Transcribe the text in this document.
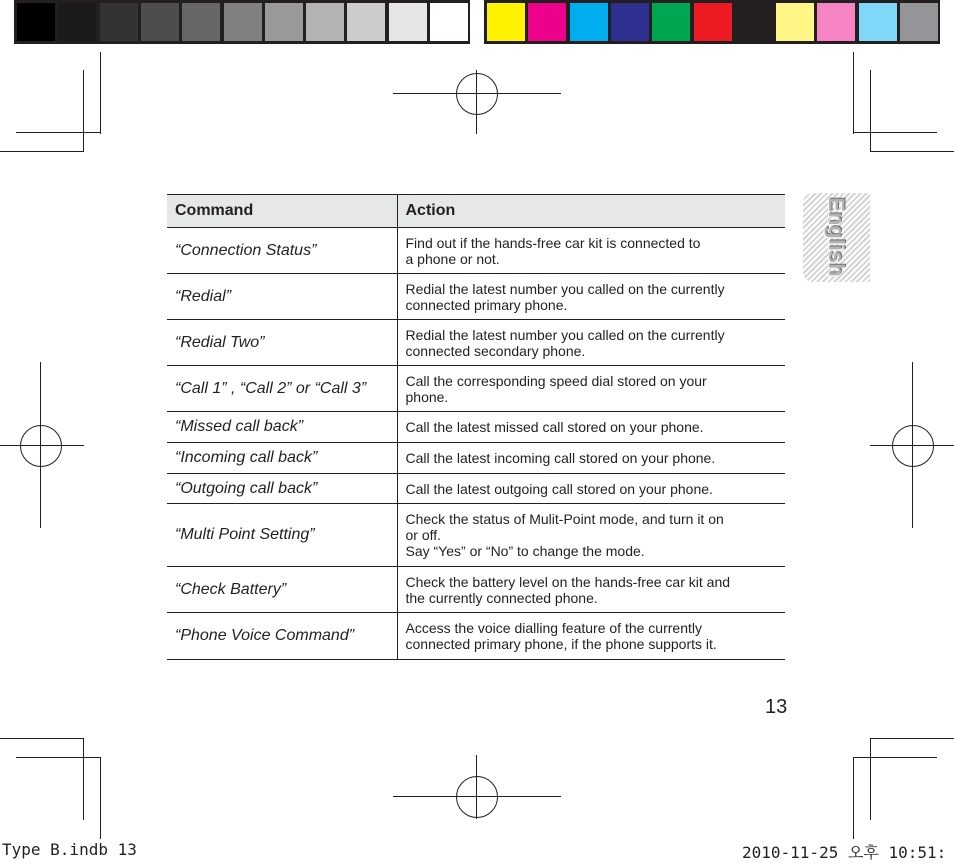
English
Command	Action
“Connection Status”	Find out if the hands-free car kit is connected to
a phone or not.

“Redial”	Redial the latest number you called on the currently
connected primary phone.

“Redial Two”	Redial the latest number you called on the currently
connected secondary phone.

“Call 1” , “Call 2” or “Call 3”	Call the corresponding speed dial stored on your
phone.

“Missed call back”	Call the latest missed call stored on your phone.

“Incoming call back”	Call the latest incoming call stored on your phone.

“Outgoing call back”	Call the latest outgoing call stored on your phone.

“Multi Point Setting”	Check the status of Mulit-Point mode, and turn it on
or off.
Say “Yes” or “No” to change the mode.

“Check Battery”	Check the battery level on the hands-free car kit and
the currently connected phone.

“Phone Voice Command”	Access the voice dialling feature of the currently
connected primary phone, if the phone supports it.
13
Type B.indb 13	2010-11-25 오후 10:51:
